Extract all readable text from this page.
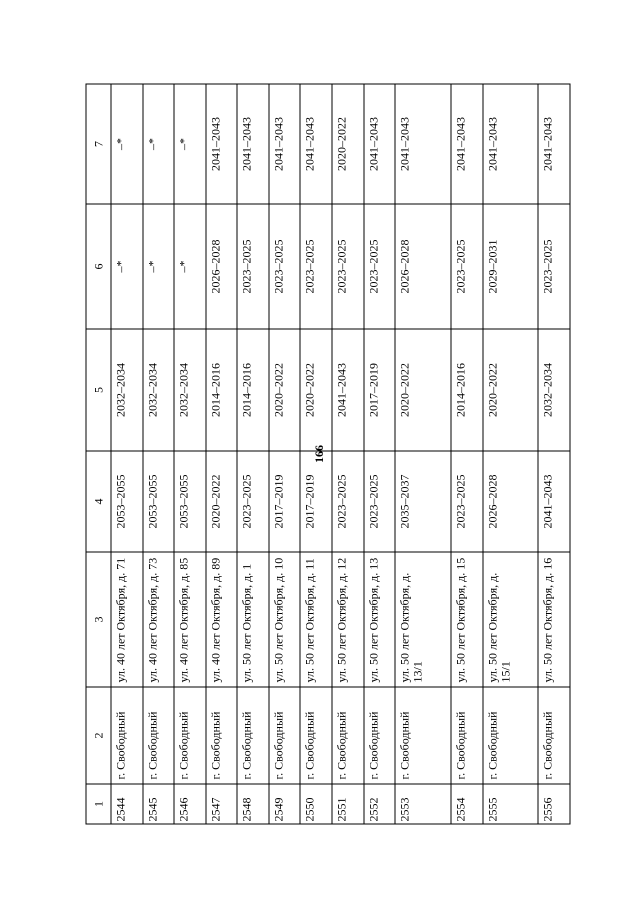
166
1	2	3	4	5	6	7
2544	г. Свободный	ул. 40 лет Октября, д. 71	2053–2055	2032–2034	–*	–*
2545	г. Свободный	ул. 40 лет Октября, д. 73	2053–2055	2032–2034	–*	–*
2546	г. Свободный	ул. 40 лет Октября, д. 85	2053–2055	2032–2034	–*	–*
2547	г. Свободный	ул. 40 лет Октября, д. 89	2020–2022	2014–2016	2026–2028	2041–2043
2548	г. Свободный	ул. 50 лет Октября, д. 1	2023–2025	2014–2016	2023–2025	2041–2043
2549	г. Свободный	ул. 50 лет Октября, д. 10	2017–2019	2020–2022	2023–2025	2041–2043
2550	г. Свободный	ул. 50 лет Октября, д. 11	2017–2019	2020–2022	2023–2025	2041–2043
2551	г. Свободный	ул. 50 лет Октября, д. 12	2023–2025	2041–2043	2023–2025	2020–2022
2552	г. Свободный	ул. 50 лет Октября, д. 13	2023–2025	2017–2019	2023–2025	2041–2043
2553	г. Свободный	ул. 50 лет Октября, д. 13/1	2035–2037	2020–2022	2026–2028	2041–2043
2554	г. Свободный	ул. 50 лет Октября, д. 15	2023–2025	2014–2016	2023–2025	2041–2043
2555	г. Свободный	ул. 50 лет Октября, д. 15/1	2026–2028	2020–2022	2029–2031	2041–2043
2556	г. Свободный	ул. 50 лет Октября, д. 16	2041–2043	2032–2034	2023–2025	2041–2043
